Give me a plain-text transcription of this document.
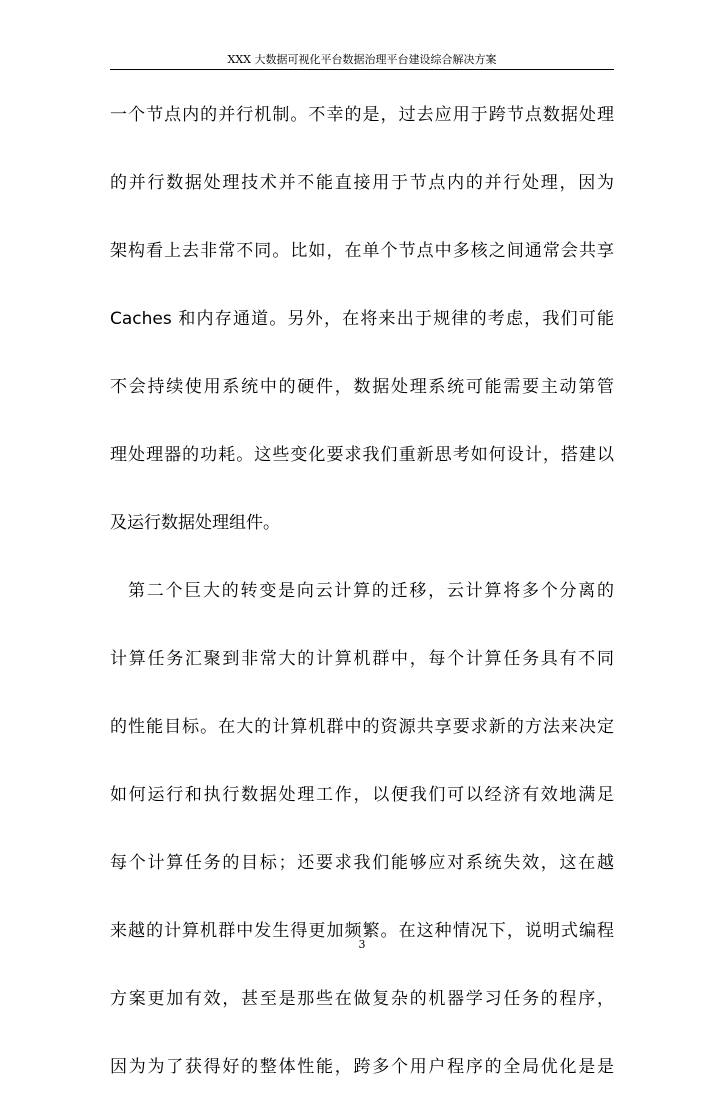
XXX 大数据可视化平台数据治理平台建设综合解决方案
一个节点内的并行机制。不幸的是，过去应用于跨节点数据处理
的并行数据处理技术并不能直接用于节点内的并行处理，因为
架构看上去非常不同。比如，在单个节点中多核之间通常会共享
Caches 和内存通道。另外，在将来出于规律的考虑，我们可能
不会持续使用系统中的硬件，数据处理系统可能需要主动第管
理处理器的功耗。这些变化要求我们重新思考如何设计，搭建以
及运行数据处理组件。
第二个巨大的转变是向云计算的迁移，云计算将多个分离的
计算任务汇聚到非常大的计算机群中，每个计算任务具有不同
的性能目标。在大的计算机群中的资源共享要求新的方法来决定
如何运行和执行数据处理工作，以便我们可以经济有效地满足
每个计算任务的目标；还要求我们能够应对系统失效，这在越
来越的计算机群中发生得更加频繁。在这种情况下，说明式编程
方案更加有效，甚至是那些在做复杂的机器学习任务的程序，
因为为了获得好的整体性能，跨多个用户程序的全局优化是是
3
